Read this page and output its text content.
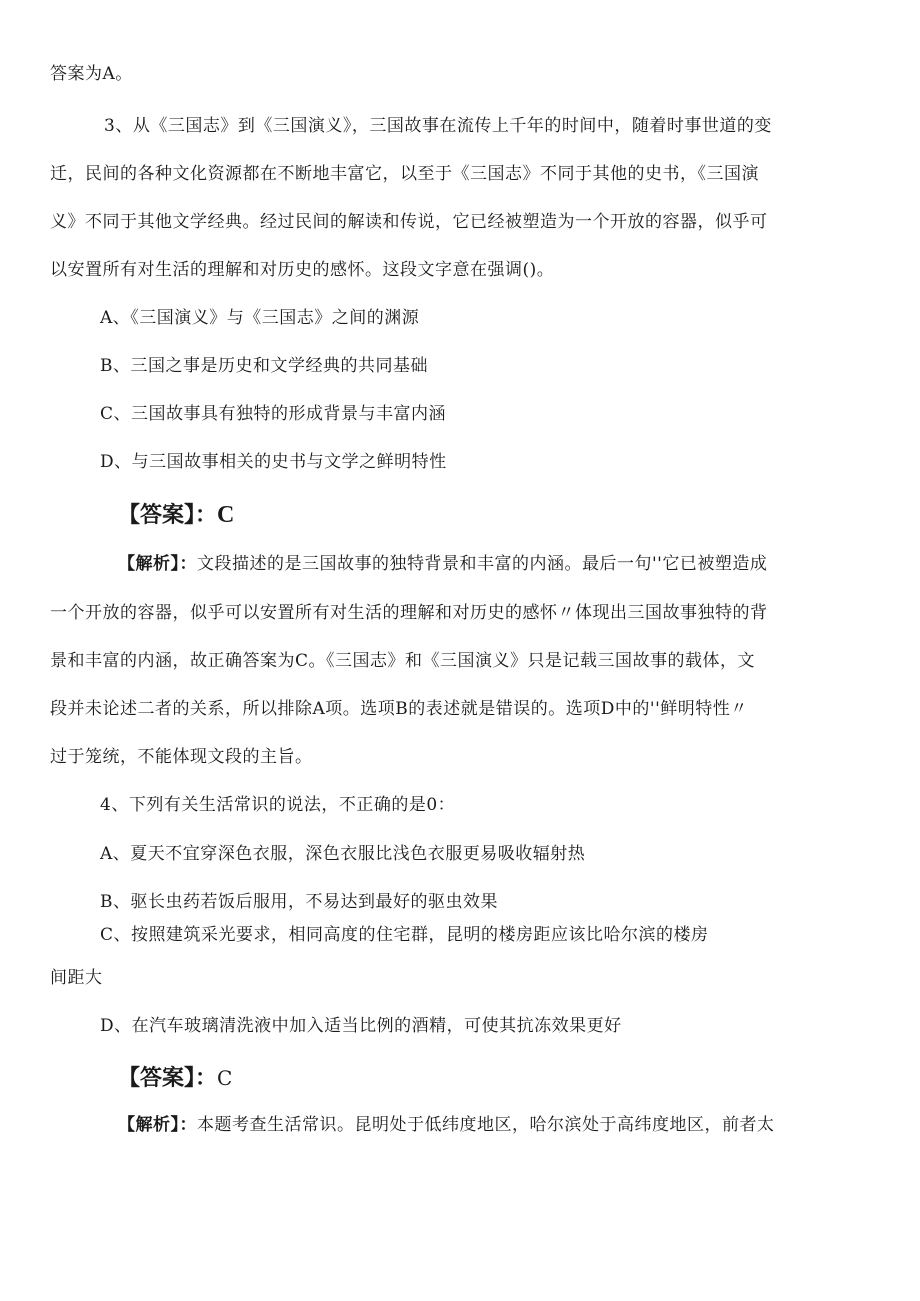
答案为A。
3、从《三国志》到《三国演义》，三国故事在流传上千年的时间中，随着时事世道的变
迁，民间的各种文化资源都在不断地丰富它，以至于《三国志》不同于其他的史书，《三国演
义》不同于其他文学经典。经过民间的解读和传说，它已经被塑造为一个开放的容器，似乎可
以安置所有对生活的理解和对历史的感怀。这段文字意在强调()。
A、《三国演义》与《三国志》之间的渊源
B、三国之事是历史和文学经典的共同基础
C、三国故事具有独特的形成背景与丰富内涵
D、与三国故事相关的史书与文学之鲜明特性
【答案】：C
【解析】：文段描述的是三国故事的独特背景和丰富的内涵。最后一句''它已被塑造成
一个开放的容器，似乎可以安置所有对生活的理解和对历史的感怀〃体现出三国故事独特的背
景和丰富的内涵，故正确答案为C。《三国志》和《三国演义》只是记载三国故事的载体，文
段并未论述二者的关系，所以排除A项。选项B的表述就是错误的。选项D中的''鲜明特性〃
过于笼统，不能体现文段的主旨。
4、下列有关生活常识的说法，不正确的是0：
A、夏天不宜穿深色衣服，深色衣服比浅色衣服更易吸收辐射热
B、驱长虫药若饭后服用，不易达到最好的驱虫效果
C、按照建筑采光要求，相同高度的住宅群，昆明的楼房距应该比哈尔滨的楼房
间距大
D、在汽车玻璃清洗液中加入适当比例的酒精，可使其抗冻效果更好
【答案】：C
【解析】：本题考查生活常识。昆明处于低纬度地区，哈尔滨处于高纬度地区，前者太
